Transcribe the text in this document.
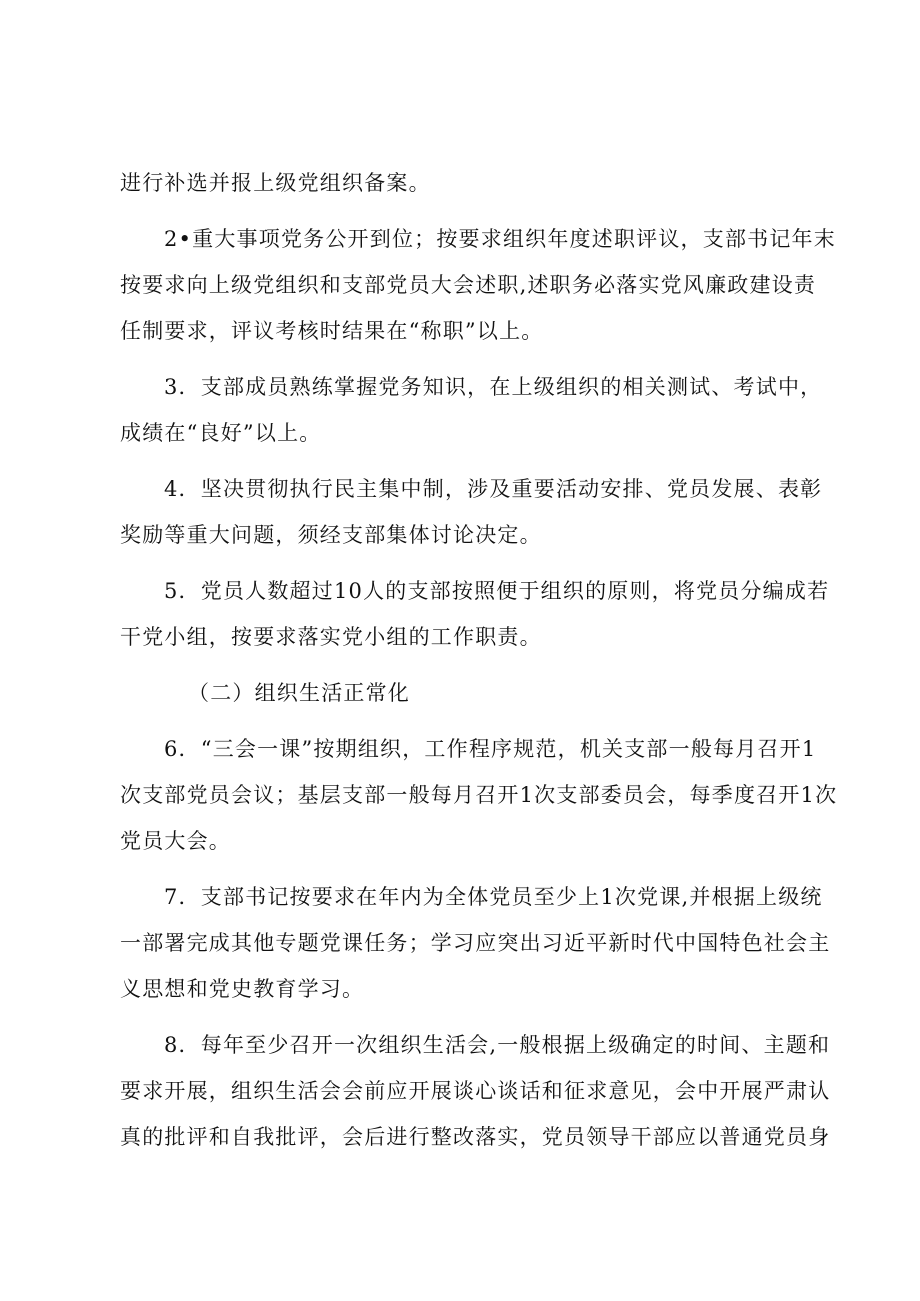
进行补选并报上级党组织备案。
2•重大事项党务公开到位；按要求组织年度述职评议，支部书记年末
按要求向上级党组织和支部党员大会述职,述职务必落实党风廉政建设责
任制要求，评议考核时结果在“称职”以上。
3．支部成员熟练掌握党务知识，在上级组织的相关测试、考试中，
成绩在“良好”以上。
4．坚决贯彻执行民主集中制，涉及重要活动安排、党员发展、表彰
奖励等重大问题，须经支部集体讨论决定。
5．党员人数超过10人的支部按照便于组织的原则，将党员分编成若
干党小组，按要求落实党小组的工作职责。
（二）组织生活正常化
6．“三会一课”按期组织，工作程序规范，机关支部一般每月召开1
次支部党员会议；基层支部一般每月召开1次支部委员会，每季度召开1次
党员大会。
7．支部书记按要求在年内为全体党员至少上1次党课,并根据上级统
一部署完成其他专题党课任务；学习应突出习近平新时代中国特色社会主
义思想和党史教育学习。
8．每年至少召开一次组织生活会,一般根据上级确定的时间、主题和
要求开展，组织生活会会前应开展谈心谈话和征求意见，会中开展严肃认
真的批评和自我批评，会后进行整改落实，党员领导干部应以普通党员身
